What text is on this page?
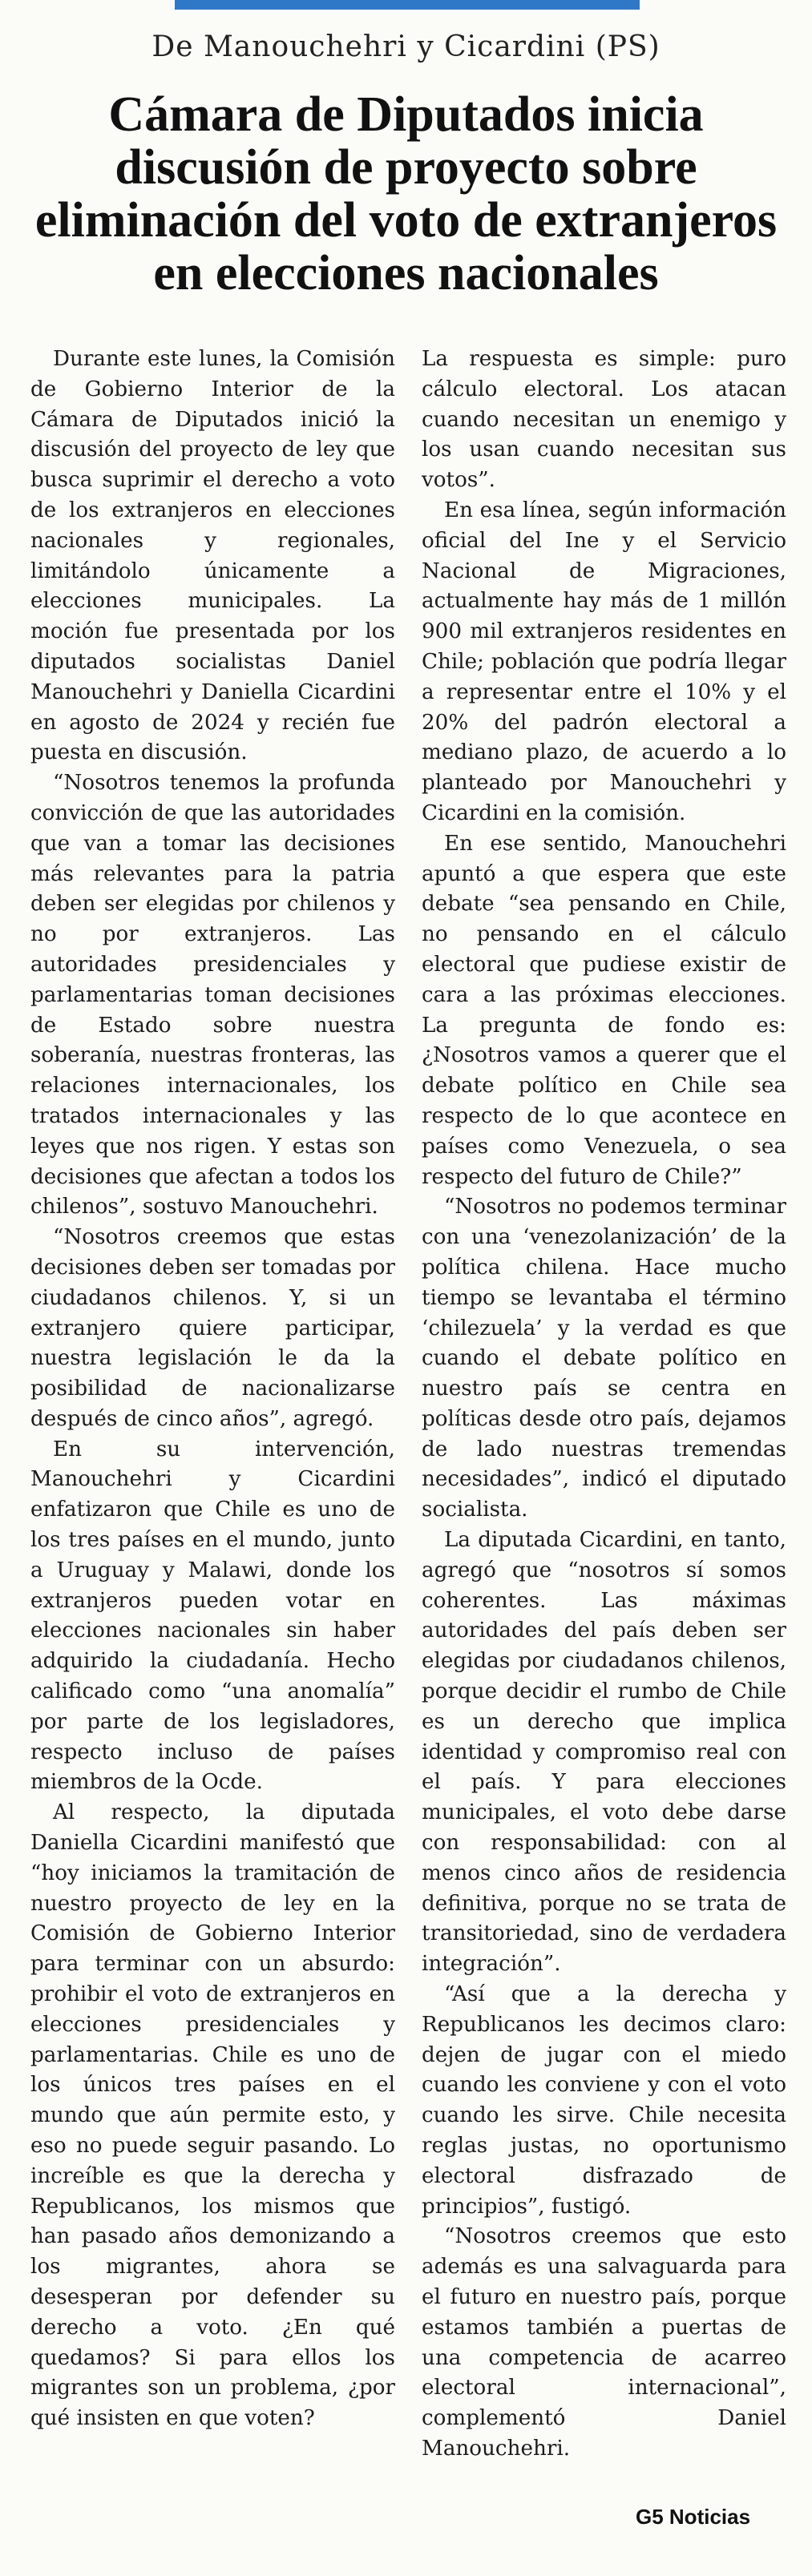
De Manouchehri y Cicardini (PS)
Cámara de Diputados inicia discusión de proyecto sobre eliminación del voto de extranjeros en elecciones nacionales

Durante este lunes, la Comisión de Gobierno Interior de la Cámara de Diputados inició la discusión del proyecto de ley que busca suprimir el derecho a voto de los extranjeros en elecciones nacionales y regionales, limitándolo únicamente a elecciones municipales. La moción fue presentada por los diputados socialistas Daniel Manouchehri y Daniella Cicardini en agosto de 2024 y recién fue puesta en discusión.

“Nosotros tenemos la profunda convicción de que las autoridades que van a tomar las decisiones más relevantes para la patria deben ser elegidas por chilenos y no por extranjeros. Las autoridades presidenciales y parlamentarias toman decisiones de Estado sobre nuestra soberanía, nuestras fronteras, las relaciones internacionales, los tratados internacionales y las leyes que nos rigen. Y estas son decisiones que afectan a todos los chilenos”, sostuvo Manouchehri.

“Nosotros creemos que estas decisiones deben ser tomadas por ciudadanos chilenos. Y, si un extranjero quiere participar, nuestra legislación le da la posibilidad de nacionalizarse después de cinco años”, agregó.

En su intervención, Manouchehri y Cicardini enfatizaron que Chile es uno de los tres países en el mundo, junto a Uruguay y Malawi, donde los extranjeros pueden votar en elecciones nacionales sin haber adquirido la ciudadanía. Hecho calificado como “una anomalía” por parte de los legisladores, respecto incluso de países miembros de la Ocde.

Al respecto, la diputada Daniella Cicardini manifestó que “hoy iniciamos la tramitación de nuestro proyecto de ley en la Comisión de Gobierno Interior para terminar con un absurdo: prohibir el voto de extranjeros en elecciones presidenciales y parlamentarias. Chile es uno de los únicos tres países en el mundo que aún permite esto, y eso no puede seguir pasando. Lo increíble es que la derecha y Republicanos, los mismos que han pasado años demonizando a los migrantes, ahora se desesperan por defender su derecho a voto. ¿En qué quedamos? Si para ellos los migrantes son un problema, ¿por qué insisten en que voten?

La respuesta es simple: puro cálculo electoral. Los atacan cuando necesitan un enemigo y los usan cuando necesitan sus votos”.

En esa línea, según información oficial del Ine y el Servicio Nacional de Migraciones, actualmente hay más de 1 millón 900 mil extranjeros residentes en Chile; población que podría llegar a representar entre el 10% y el 20% del padrón electoral a mediano plazo, de acuerdo a lo planteado por Manouchehri y Cicardini en la comisión.

En ese sentido, Manouchehri apuntó a que espera que este debate “sea pensando en Chile, no pensando en el cálculo electoral que pudiese existir de cara a las próximas elecciones. La pregunta de fondo es: ¿Nosotros vamos a querer que el debate político en Chile sea respecto de lo que acontece en países como Venezuela, o sea respecto del futuro de Chile?”

“Nosotros no podemos terminar con una ‘venezolanización’ de la política chilena. Hace mucho tiempo se levantaba el término ‘chilezuela’ y la verdad es que cuando el debate político en nuestro país se centra en políticas desde otro país, dejamos de lado nuestras tremendas necesidades”, indicó el diputado socialista.

La diputada Cicardini, en tanto, agregó que “nosotros sí somos coherentes. Las máximas autoridades del país deben ser elegidas por ciudadanos chilenos, porque decidir el rumbo de Chile es un derecho que implica identidad y compromiso real con el país. Y para elecciones municipales, el voto debe darse con responsabilidad: con al menos cinco años de residencia definitiva, porque no se trata de transitoriedad, sino de verdadera integración”.

“Así que a la derecha y Republicanos les decimos claro: dejen de jugar con el miedo cuando les conviene y con el voto cuando les sirve. Chile necesita reglas justas, no oportunismo electoral disfrazado de principios”, fustigó.

“Nosotros creemos que esto además es una salvaguarda para el futuro en nuestro país, porque estamos también a puertas de una competencia de acarreo electoral internacional”, complementó Daniel Manouchehri.

G5 Noticias
